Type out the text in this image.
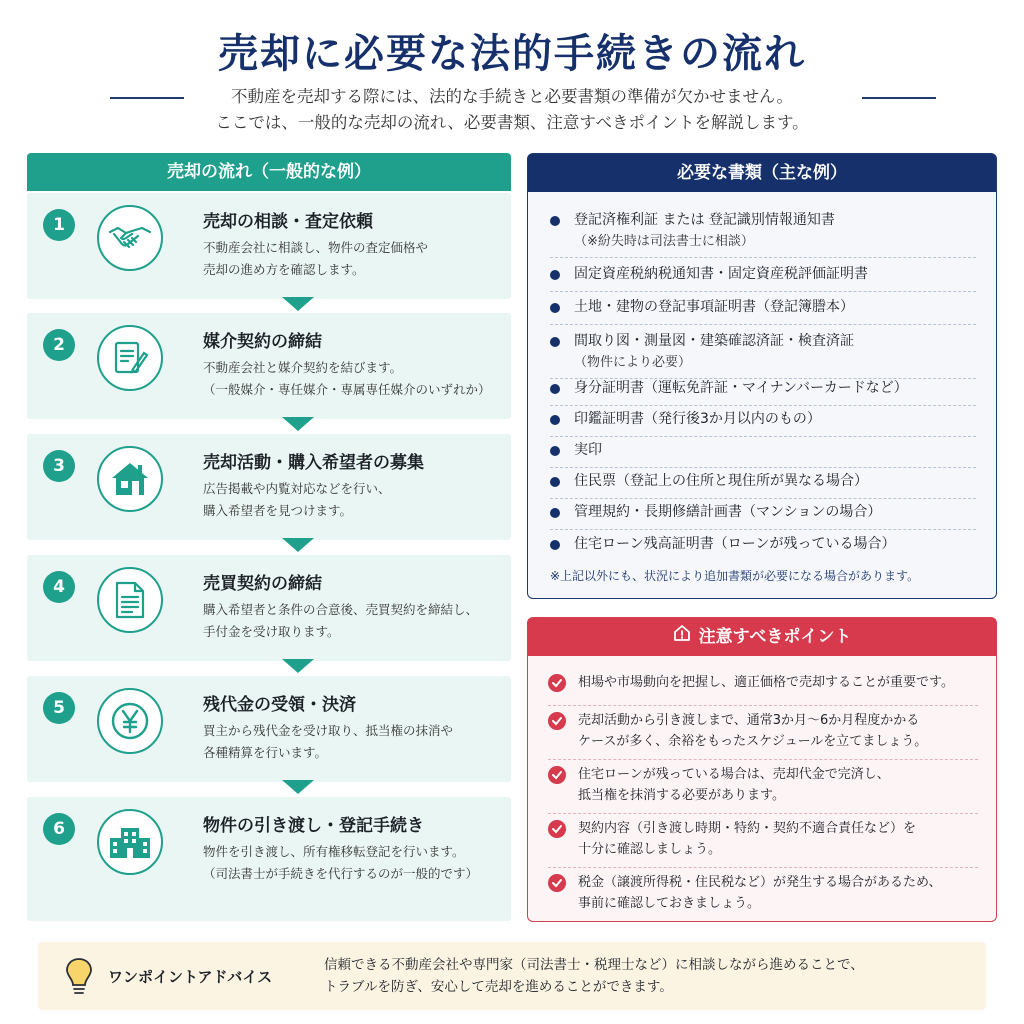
売却に必要な法的手続きの流れ
不動産を売却する際には、法的な手続きと必要書類の準備が欠かせません。
ここでは、一般的な売却の流れ、必要書類、注意すべきポイントを解説します。
売却の流れ（一般的な例）
1	売却の相談・査定依頼
不動産会社に相談し、物件の査定価格や
売却の進め方を確認します。
2	媒介契約の締結
不動産会社と媒介契約を結びます。
（一般媒介・専任媒介・専属専任媒介のいずれか）
3	売却活動・購入希望者の募集
広告掲載や内覧対応などを行い、
購入希望者を見つけます。
4	売買契約の締結
購入希望者と条件の合意後、売買契約を締結し、
手付金を受け取ります。
5	残代金の受領・決済
買主から残代金を受け取り、抵当権の抹消や
各種精算を行います。
6	物件の引き渡し・登記手続き
物件を引き渡し、所有権移転登記を行います。
（司法書士が手続きを代行するのが一般的です）
必要な書類（主な例）
登記済権利証 または 登記識別情報通知書
（※紛失時は司法書士に相談）
固定資産税納税通知書・固定資産税評価証明書
土地・建物の登記事項証明書（登記簿謄本）
間取り図・測量図・建築確認済証・検査済証
（物件により必要）
身分証明書（運転免許証・マイナンバーカードなど）
印鑑証明書（発行後3か月以内のもの）
実印
住民票（登記上の住所と現住所が異なる場合）
管理規約・長期修繕計画書（マンションの場合）
住宅ローン残高証明書（ローンが残っている場合）
※上記以外にも、状況により追加書類が必要になる場合があります。
注意すべきポイント
相場や市場動向を把握し、適正価格で売却することが重要です。
売却活動から引き渡しまで、通常3か月〜6か月程度かかる
ケースが多く、余裕をもったスケジュールを立てましょう。
住宅ローンが残っている場合は、売却代金で完済し、
抵当権を抹消する必要があります。
契約内容（引き渡し時期・特約・契約不適合責任など）を
十分に確認しましょう。
税金（譲渡所得税・住民税など）が発生する場合があるため、
事前に確認しておきましょう。
ワンポイントアドバイス
信頼できる不動産会社や専門家（司法書士・税理士など）に相談しながら進めることで、
トラブルを防ぎ、安心して売却を進めることができます。
